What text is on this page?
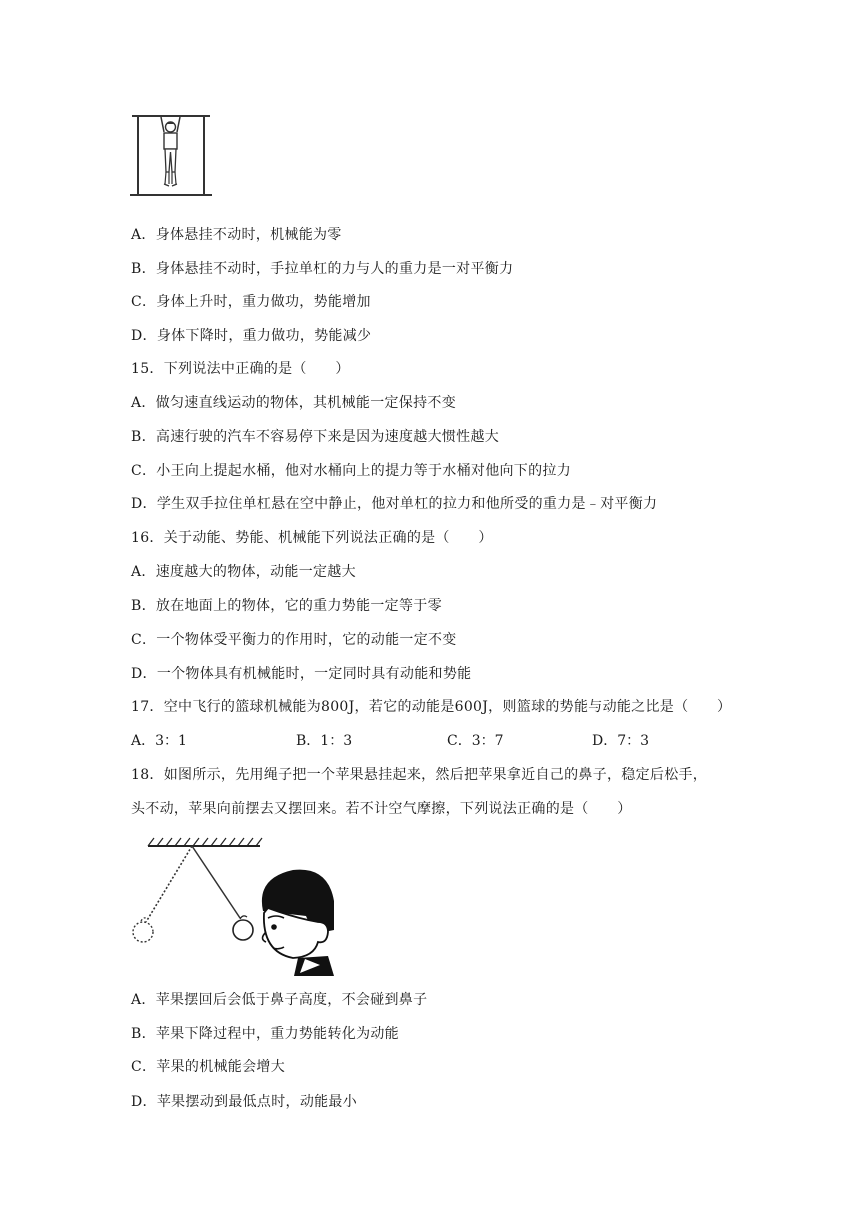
A．身体悬挂不动时，机械能为零
B．身体悬挂不动时，手拉单杠的力与人的重力是一对平衡力
C．身体上升时，重力做功，势能增加
D．身体下降时，重力做功，势能减少
15．下列说法中正确的是（　　）
A．做匀速直线运动的物体，其机械能一定保持不变
B．高速行驶的汽车不容易停下来是因为速度越大惯性越大
C．小王向上提起水桶，他对水桶向上的提力等于水桶对他向下的拉力
D．学生双手拉住单杠悬在空中静止，他对单杠的拉力和他所受的重力是﹣对平衡力
16．关于动能、势能、机械能下列说法正确的是（　　）
A．速度越大的物体，动能一定越大
B．放在地面上的物体，它的重力势能一定等于零
C．一个物体受平衡力的作用时，它的动能一定不变
D．一个物体具有机械能时，一定同时具有动能和势能
17．空中飞行的篮球机械能为800J，若它的动能是600J，则篮球的势能与动能之比是（　　）
A．3：1	B．1：3	C．3：7	D．7：3
18．如图所示，先用绳子把一个苹果悬挂起来，然后把苹果拿近自己的鼻子，稳定后松手，
头不动，苹果向前摆去又摆回来。若不计空气摩擦，下列说法正确的是（　　）
A．苹果摆回后会低于鼻子高度，不会碰到鼻子
B．苹果下降过程中，重力势能转化为动能
C．苹果的机械能会增大
D．苹果摆动到最低点时，动能最小
